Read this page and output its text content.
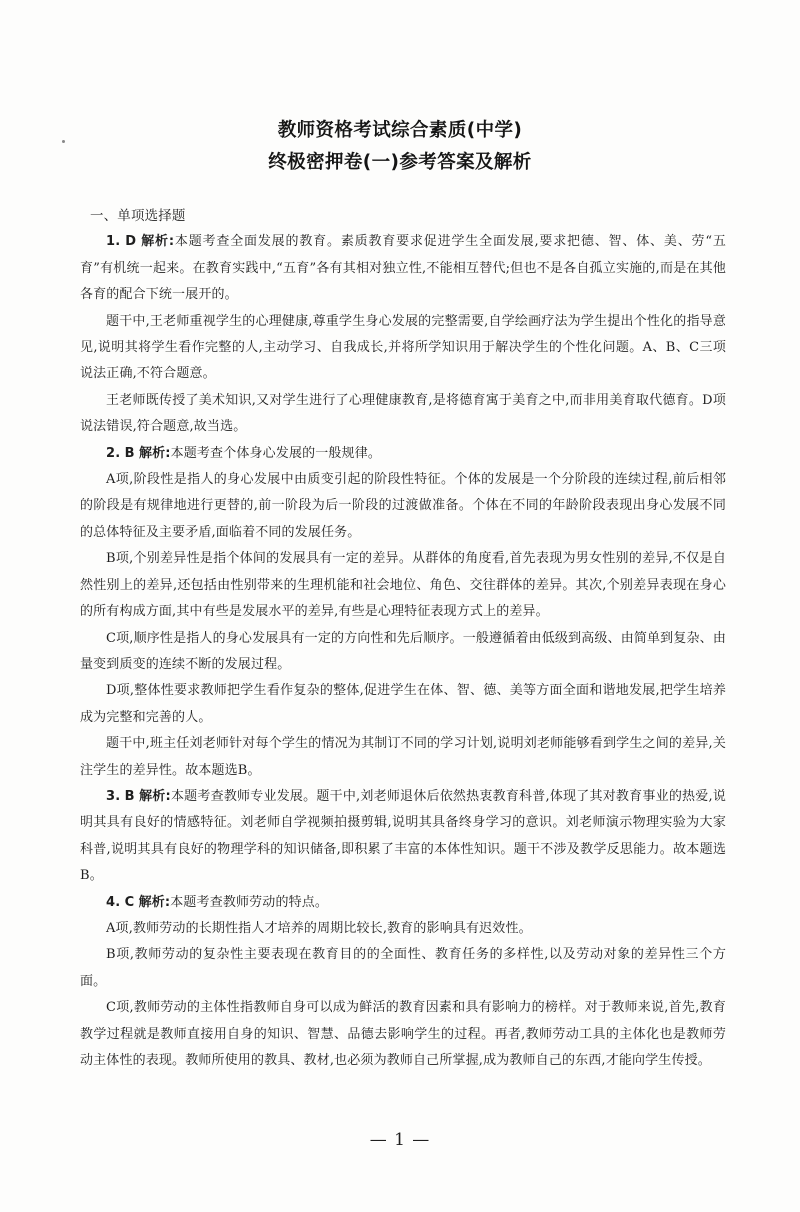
教师资格考试综合素质(中学)
终极密押卷(一)参考答案及解析

一、单项选择题

1. D 解析:本题考查全面发展的教育。素质教育要求促进学生全面发展,要求把德、智、体、美、劳“五育”有机统一起来。在教育实践中,“五育”各有其相对独立性,不能相互替代;但也不是各自孤立实施的,而是在其他各育的配合下统一展开的。

题干中,王老师重视学生的心理健康,尊重学生身心发展的完整需要,自学绘画疗法为学生提出个性化的指导意见,说明其将学生看作完整的人,主动学习、自我成长,并将所学知识用于解决学生的个性化问题。A、B、C三项说法正确,不符合题意。

王老师既传授了美术知识,又对学生进行了心理健康教育,是将德育寓于美育之中,而非用美育取代德育。D项说法错误,符合题意,故当选。

2. B 解析:本题考查个体身心发展的一般规律。

A项,阶段性是指人的身心发展中由质变引起的阶段性特征。个体的发展是一个分阶段的连续过程,前后相邻的阶段是有规律地进行更替的,前一阶段为后一阶段的过渡做准备。个体在不同的年龄阶段表现出身心发展不同的总体特征及主要矛盾,面临着不同的发展任务。

B项,个别差异性是指个体间的发展具有一定的差异。从群体的角度看,首先表现为男女性别的差异,不仅是自然性别上的差异,还包括由性别带来的生理机能和社会地位、角色、交往群体的差异。其次,个别差异表现在身心的所有构成方面,其中有些是发展水平的差异,有些是心理特征表现方式上的差异。

C项,顺序性是指人的身心发展具有一定的方向性和先后顺序。一般遵循着由低级到高级、由简单到复杂、由量变到质变的连续不断的发展过程。

D项,整体性要求教师把学生看作复杂的整体,促进学生在体、智、德、美等方面全面和谐地发展,把学生培养成为完整和完善的人。

题干中,班主任刘老师针对每个学生的情况为其制订不同的学习计划,说明刘老师能够看到学生之间的差异,关注学生的差异性。故本题选B。

3. B 解析:本题考查教师专业发展。题干中,刘老师退休后依然热衷教育科普,体现了其对教育事业的热爱,说明其具有良好的情感特征。刘老师自学视频拍摄剪辑,说明其具备终身学习的意识。刘老师演示物理实验为大家科普,说明其具有良好的物理学科的知识储备,即积累了丰富的本体性知识。题干不涉及教学反思能力。故本题选B。

4. C 解析:本题考查教师劳动的特点。

A项,教师劳动的长期性指人才培养的周期比较长,教育的影响具有迟效性。

B项,教师劳动的复杂性主要表现在教育目的的全面性、教育任务的多样性,以及劳动对象的差异性三个方面。

C项,教师劳动的主体性指教师自身可以成为鲜活的教育因素和具有影响力的榜样。对于教师来说,首先,教育教学过程就是教师直接用自身的知识、智慧、品德去影响学生的过程。再者,教师劳动工具的主体化也是教师劳动主体性的表现。教师所使用的教具、教材,也必须为教师自己所掌握,成为教师自己的东西,才能向学生传授。

— 1 —
